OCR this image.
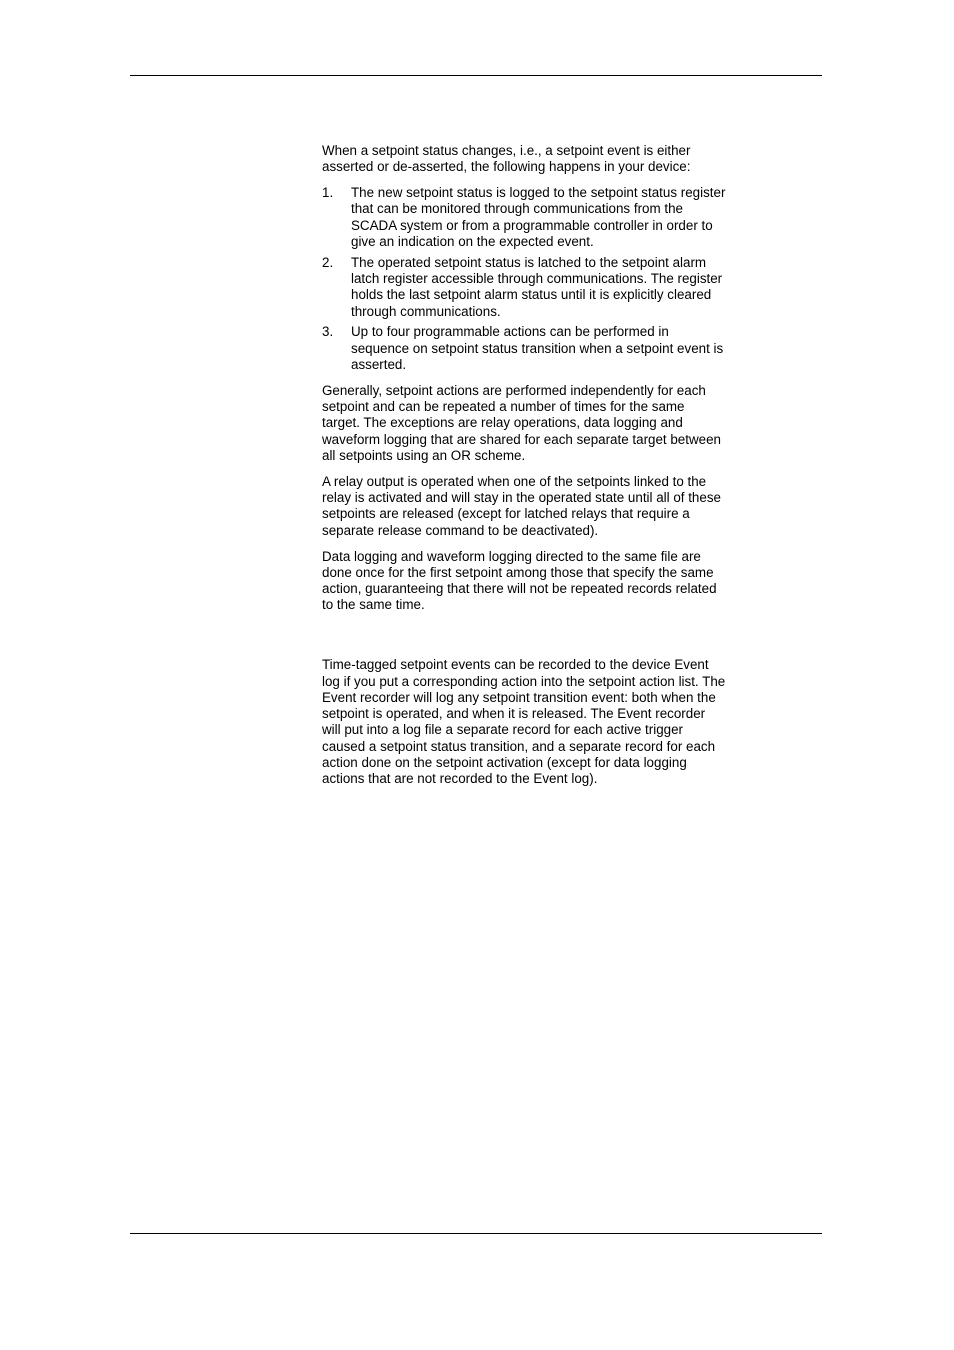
When a setpoint status changes, i.e., a setpoint event is either asserted or de-asserted, the following happens in your device:

1. The new setpoint status is logged to the setpoint status register that can be monitored through communications from the SCADA system or from a programmable controller in order to give an indication on the expected event.
2. The operated setpoint status is latched to the setpoint alarm latch register accessible through communications. The register holds the last setpoint alarm status until it is explicitly cleared through communications.
3. Up to four programmable actions can be performed in sequence on setpoint status transition when a setpoint event is asserted.

Generally, setpoint actions are performed independently for each setpoint and can be repeated a number of times for the same target. The exceptions are relay operations, data logging and waveform logging that are shared for each separate target between all setpoints using an OR scheme.

A relay output is operated when one of the setpoints linked to the relay is activated and will stay in the operated state until all of these setpoints are released (except for latched relays that require a separate release command to be deactivated).

Data logging and waveform logging directed to the same file are done once for the first setpoint among those that specify the same action, guaranteeing that there will not be repeated records related to the same time.

Time-tagged setpoint events can be recorded to the device Event log if you put a corresponding action into the setpoint action list. The Event recorder will log any setpoint transition event: both when the setpoint is operated, and when it is released. The Event recorder will put into a log file a separate record for each active trigger caused a setpoint status transition, and a separate record for each action done on the setpoint activation (except for data logging actions that are not recorded to the Event log).
